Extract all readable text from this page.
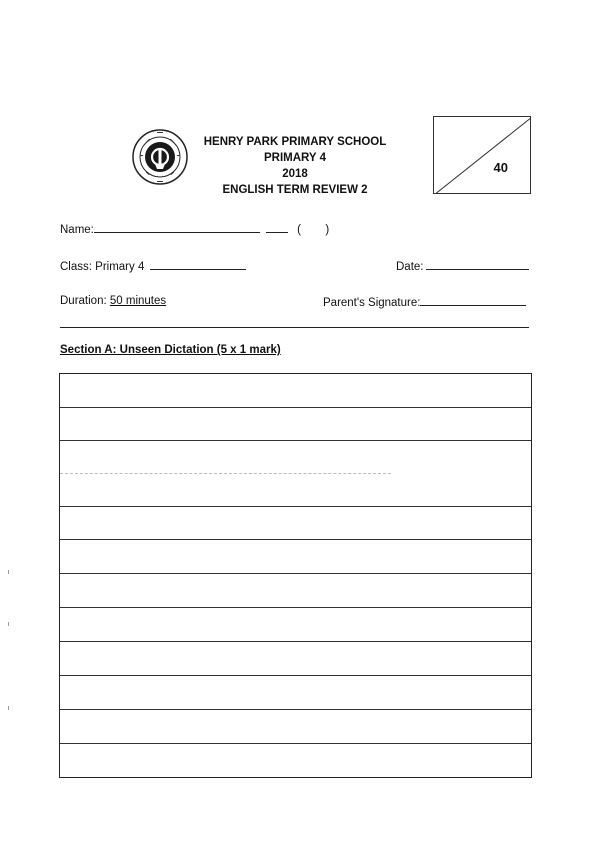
HENRY PARK PRIMARY SCHOOL
PRIMARY 4
2018
ENGLISH TERM REVIEW 2
40
Name:	( )
Class: Primary 4	Date:
Duration: 50 minutes	Parent's Signature:
Section A: Unseen Dictation (5 x 1 mark)
